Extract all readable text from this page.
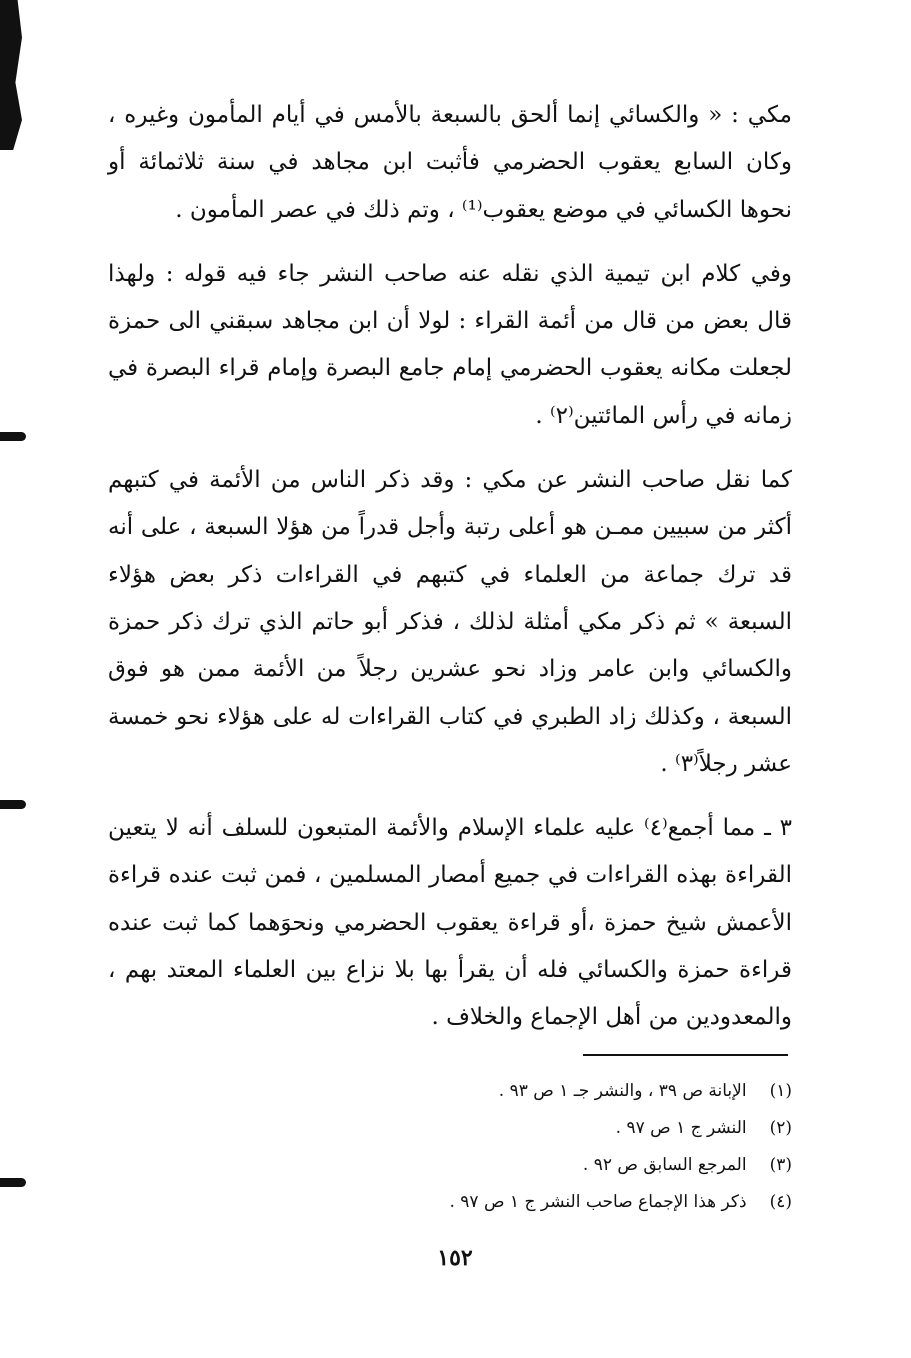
مكي : « والكسائي إنما ألحق بالسبعة بالأمس في أيام المأمون وغيره ، وكان السابع يعقوب الحضرمي فأثبت ابن مجاهد في سنة ثلاثمائة أو نحوها الكسائي في موضع يعقوب⁽¹⁾ ، وتم ذلك في عصر المأمون .

وفي كلام ابن تيمية الذي نقله عنه صاحب النشر جاء فيه قوله : ولهذا قال بعض من قال من أئمة القراء : لولا أن ابن مجاهد سبقني الى حمزة لجعلت مكانه يعقوب الحضرمي إمام جامع البصرة وإمام قراء البصرة في زمانه في رأس المائتين⁽٢⁾ .

كما نقل صاحب النشر عن مكي : وقد ذكر الناس من الأئمة في كتبهم أكثر من سبيين ممـن هو أعلى رتبة وأجل قدراً من هؤلا السبعة ، على أنه قد ترك جماعة من العلماء في كتبهم في القراءات ذكر بعض هؤلاء السبعة » ثم ذكر مكي أمثلة لذلك ، فذكر أبو حاتم الذي ترك ذكر حمزة والكسائي وابن عامر وزاد نحو عشرين رجلاً من الأئمة ممن هو فوق السبعة ، وكذلك زاد الطبري في كتاب القراءات له على هؤلاء نحو خمسة عشر رجلاً⁽٣⁾ .

٣ ـ مما أجمع⁽٤⁾ عليه علماء الإسلام والأئمة المتبعون للسلف أنه لا يتعين القراءة بهذه القراءات في جميع أمصار المسلمين ، فمن ثبت عنده قراءة الأعمش شيخ حمزة ،أو قراءة يعقوب الحضرمي ونحوَهما كما ثبت عنده قراءة حمزة والكسائي فله أن يقرأ بها بلا نزاع بين العلماء المعتد بهم ، والمعدودين من أهل الإجماع والخلاف .

(١) الإبانة ص ٣٩ ، والنشر جـ ١ ص ٩٣ .
(٢) النشر ج ١ ص ٩٧ .
(٣) المرجع السابق ص ٩٢ .
(٤) ذكر هذا الإجماع صاحب النشر ج ١ ص ٩٧ .
١٥٢
